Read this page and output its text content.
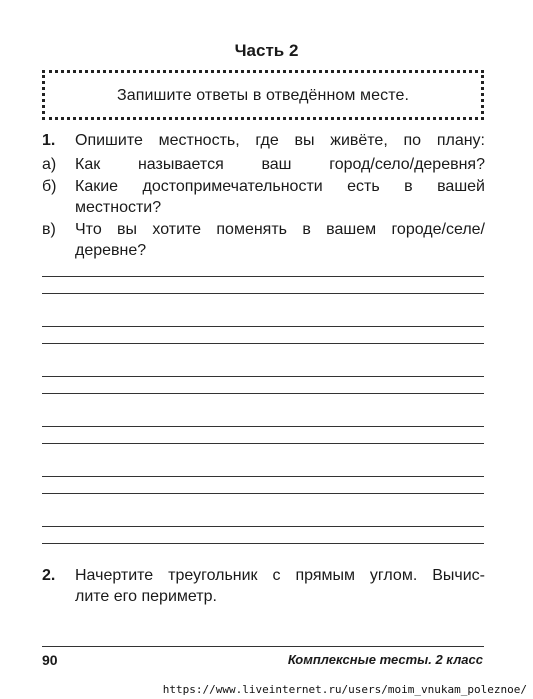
Часть 2
Запишите ответы в отведённом месте.
1. Опишите местность, где вы живёте, по плану:
а) Как называется ваш город/село/деревня?
б) Какие достопримечательности есть в вашей
местности?
в) Что вы хотите поменять в вашем городе/селе/
деревне?
2. Начертите треугольник с прямым углом. Вычис-
лите его периметр.
90	Комплексные тесты. 2 класс
https://www.liveinternet.ru/users/moim_vnukam_poleznoe/
